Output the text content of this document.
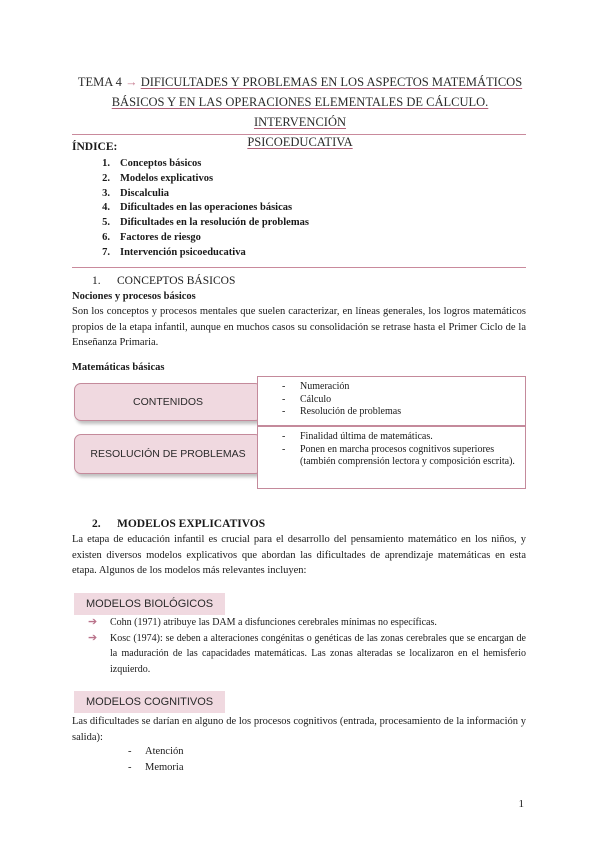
TEMA 4 → DIFICULTADES Y PROBLEMAS EN LOS ASPECTOS MATEMÁTICOS
BÁSICOS Y EN LAS OPERACIONES ELEMENTALES DE CÁLCULO. INTERVENCIÓN
PSICOEDUCATIVA
ÍNDICE:
1. Conceptos básicos
2. Modelos explicativos
3. Discalculia
4. Dificultades en las operaciones básicas
5. Dificultades en la resolución de problemas
6. Factores de riesgo
7. Intervención psicoeducativa
1. CONCEPTOS BÁSICOS
Nociones y procesos básicos
Son los conceptos y procesos mentales que suelen caracterizar, en líneas generales, los logros matemáticos propios de la etapa infantil, aunque en muchos casos su consolidación se retrase hasta el Primer Ciclo de la Enseñanza Primaria.
Matemáticas básicas
CONTENIDOS
- Numeración
- Cálculo
- Resolución de problemas
RESOLUCIÓN DE PROBLEMAS
- Finalidad última de matemáticas.
- Ponen en marcha procesos cognitivos superiores (también comprensión lectora y composición escrita).
2. MODELOS EXPLICATIVOS
La etapa de educación infantil es crucial para el desarrollo del pensamiento matemático en los niños, y existen diversos modelos explicativos que abordan las dificultades de aprendizaje matemáticas en esta etapa. Algunos de los modelos más relevantes incluyen:
MODELOS BIOLÓGICOS
➔ Cohn (1971) atribuye las DAM a disfunciones cerebrales mínimas no específicas.
➔ Kosc (1974): se deben a alteraciones congénitas o genéticas de las zonas cerebrales que se encargan de la maduración de las capacidades matemáticas. Las zonas alteradas se localizaron en el hemisferio izquierdo.
MODELOS COGNITIVOS
Las dificultades se darían en alguno de los procesos cognitivos (entrada, procesamiento de la información y salida):
-	Atención
-	Memoria
1
